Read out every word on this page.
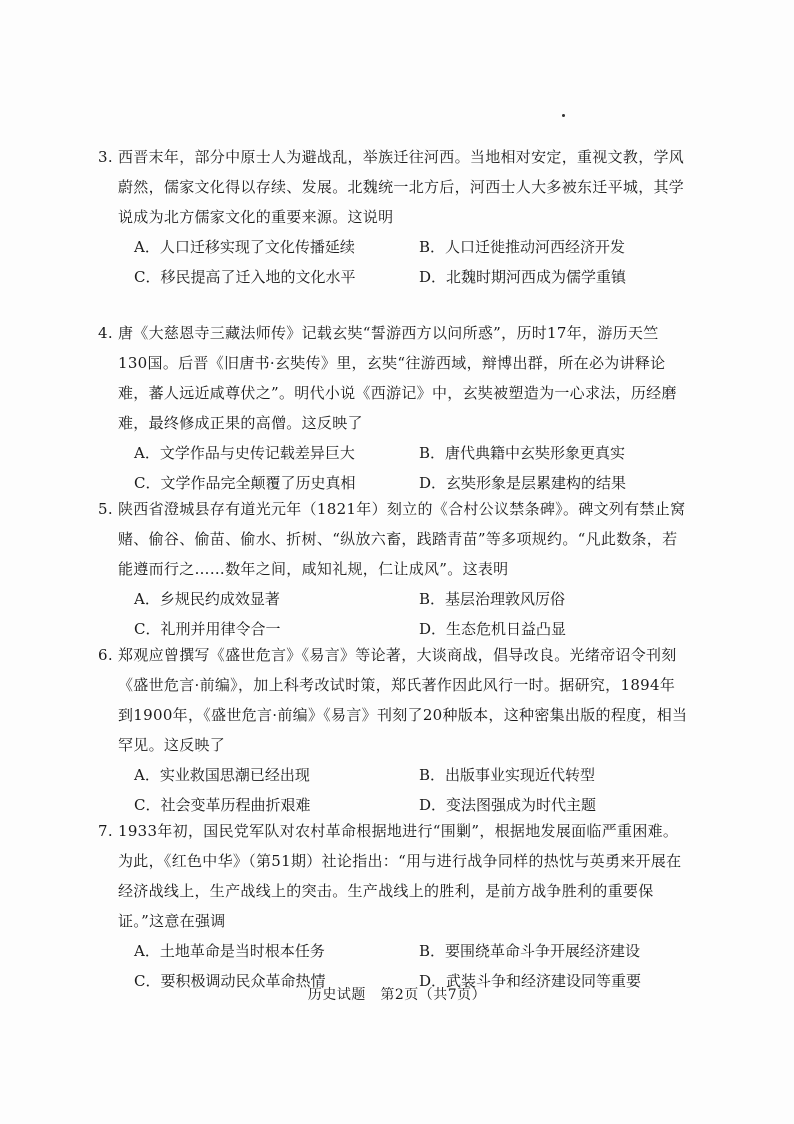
3. 西晋末年，部分中原士人为避战乱，举族迁往河西。当地相对安定，重视文教，学风蔚然，儒家文化得以存续、发展。北魏统一北方后，河西士人大多被东迁平城，其学说成为北方儒家文化的重要来源。这说明

A．人口迁移实现了文化传播延续	B．人口迁徙推动河西经济开发
C．移民提高了迁入地的文化水平	D．北魏时期河西成为儒学重镇

4. 唐《大慈恩寺三藏法师传》记载玄奘“誓游西方以问所惑”，历时17年，游历天竺130国。后晋《旧唐书·玄奘传》里，玄奘“往游西域，辩博出群，所在必为讲释论难，蕃人远近咸尊伏之”。明代小说《西游记》中，玄奘被塑造为一心求法，历经磨难，最终修成正果的高僧。这反映了

A．文学作品与史传记载差异巨大	B．唐代典籍中玄奘形象更真实
C．文学作品完全颠覆了历史真相	D．玄奘形象是层累建构的结果

5. 陕西省澄城县存有道光元年（1821年）刻立的《合村公议禁条碑》。碑文列有禁止窝赌、偷谷、偷苗、偷水、折树、“纵放六畜，践踏青苗”等多项规约。“凡此数条，若能遵而行之……数年之间，咸知礼规，仁让成风”。这表明

A．乡规民约成效显著	B．基层治理敦风厉俗
C．礼刑并用律令合一	D．生态危机日益凸显

6. 郑观应曾撰写《盛世危言》《易言》等论著，大谈商战，倡导改良。光绪帝诏令刊刻《盛世危言·前编》，加上科考改试时策，郑氏著作因此风行一时。据研究，1894年到1900年，《盛世危言·前编》《易言》刊刻了20种版本，这种密集出版的程度，相当罕见。这反映了

A．实业救国思潮已经出现	B．出版事业实现近代转型
C．社会变革历程曲折艰难	D．变法图强成为时代主题

7. 1933年初，国民党军队对农村革命根据地进行“围剿”，根据地发展面临严重困难。为此，《红色中华》（第51期）社论指出：“用与进行战争同样的热忱与英勇来开展在经济战线上，生产战线上的突击。生产战线上的胜利，是前方战争胜利的重要保证。”这意在强调

A．土地革命是当时根本任务	B．要围绕革命斗争开展经济建设
C．要积极调动民众革命热情	D．武装斗争和经济建设同等重要
历史试题　第2页（共7页）
